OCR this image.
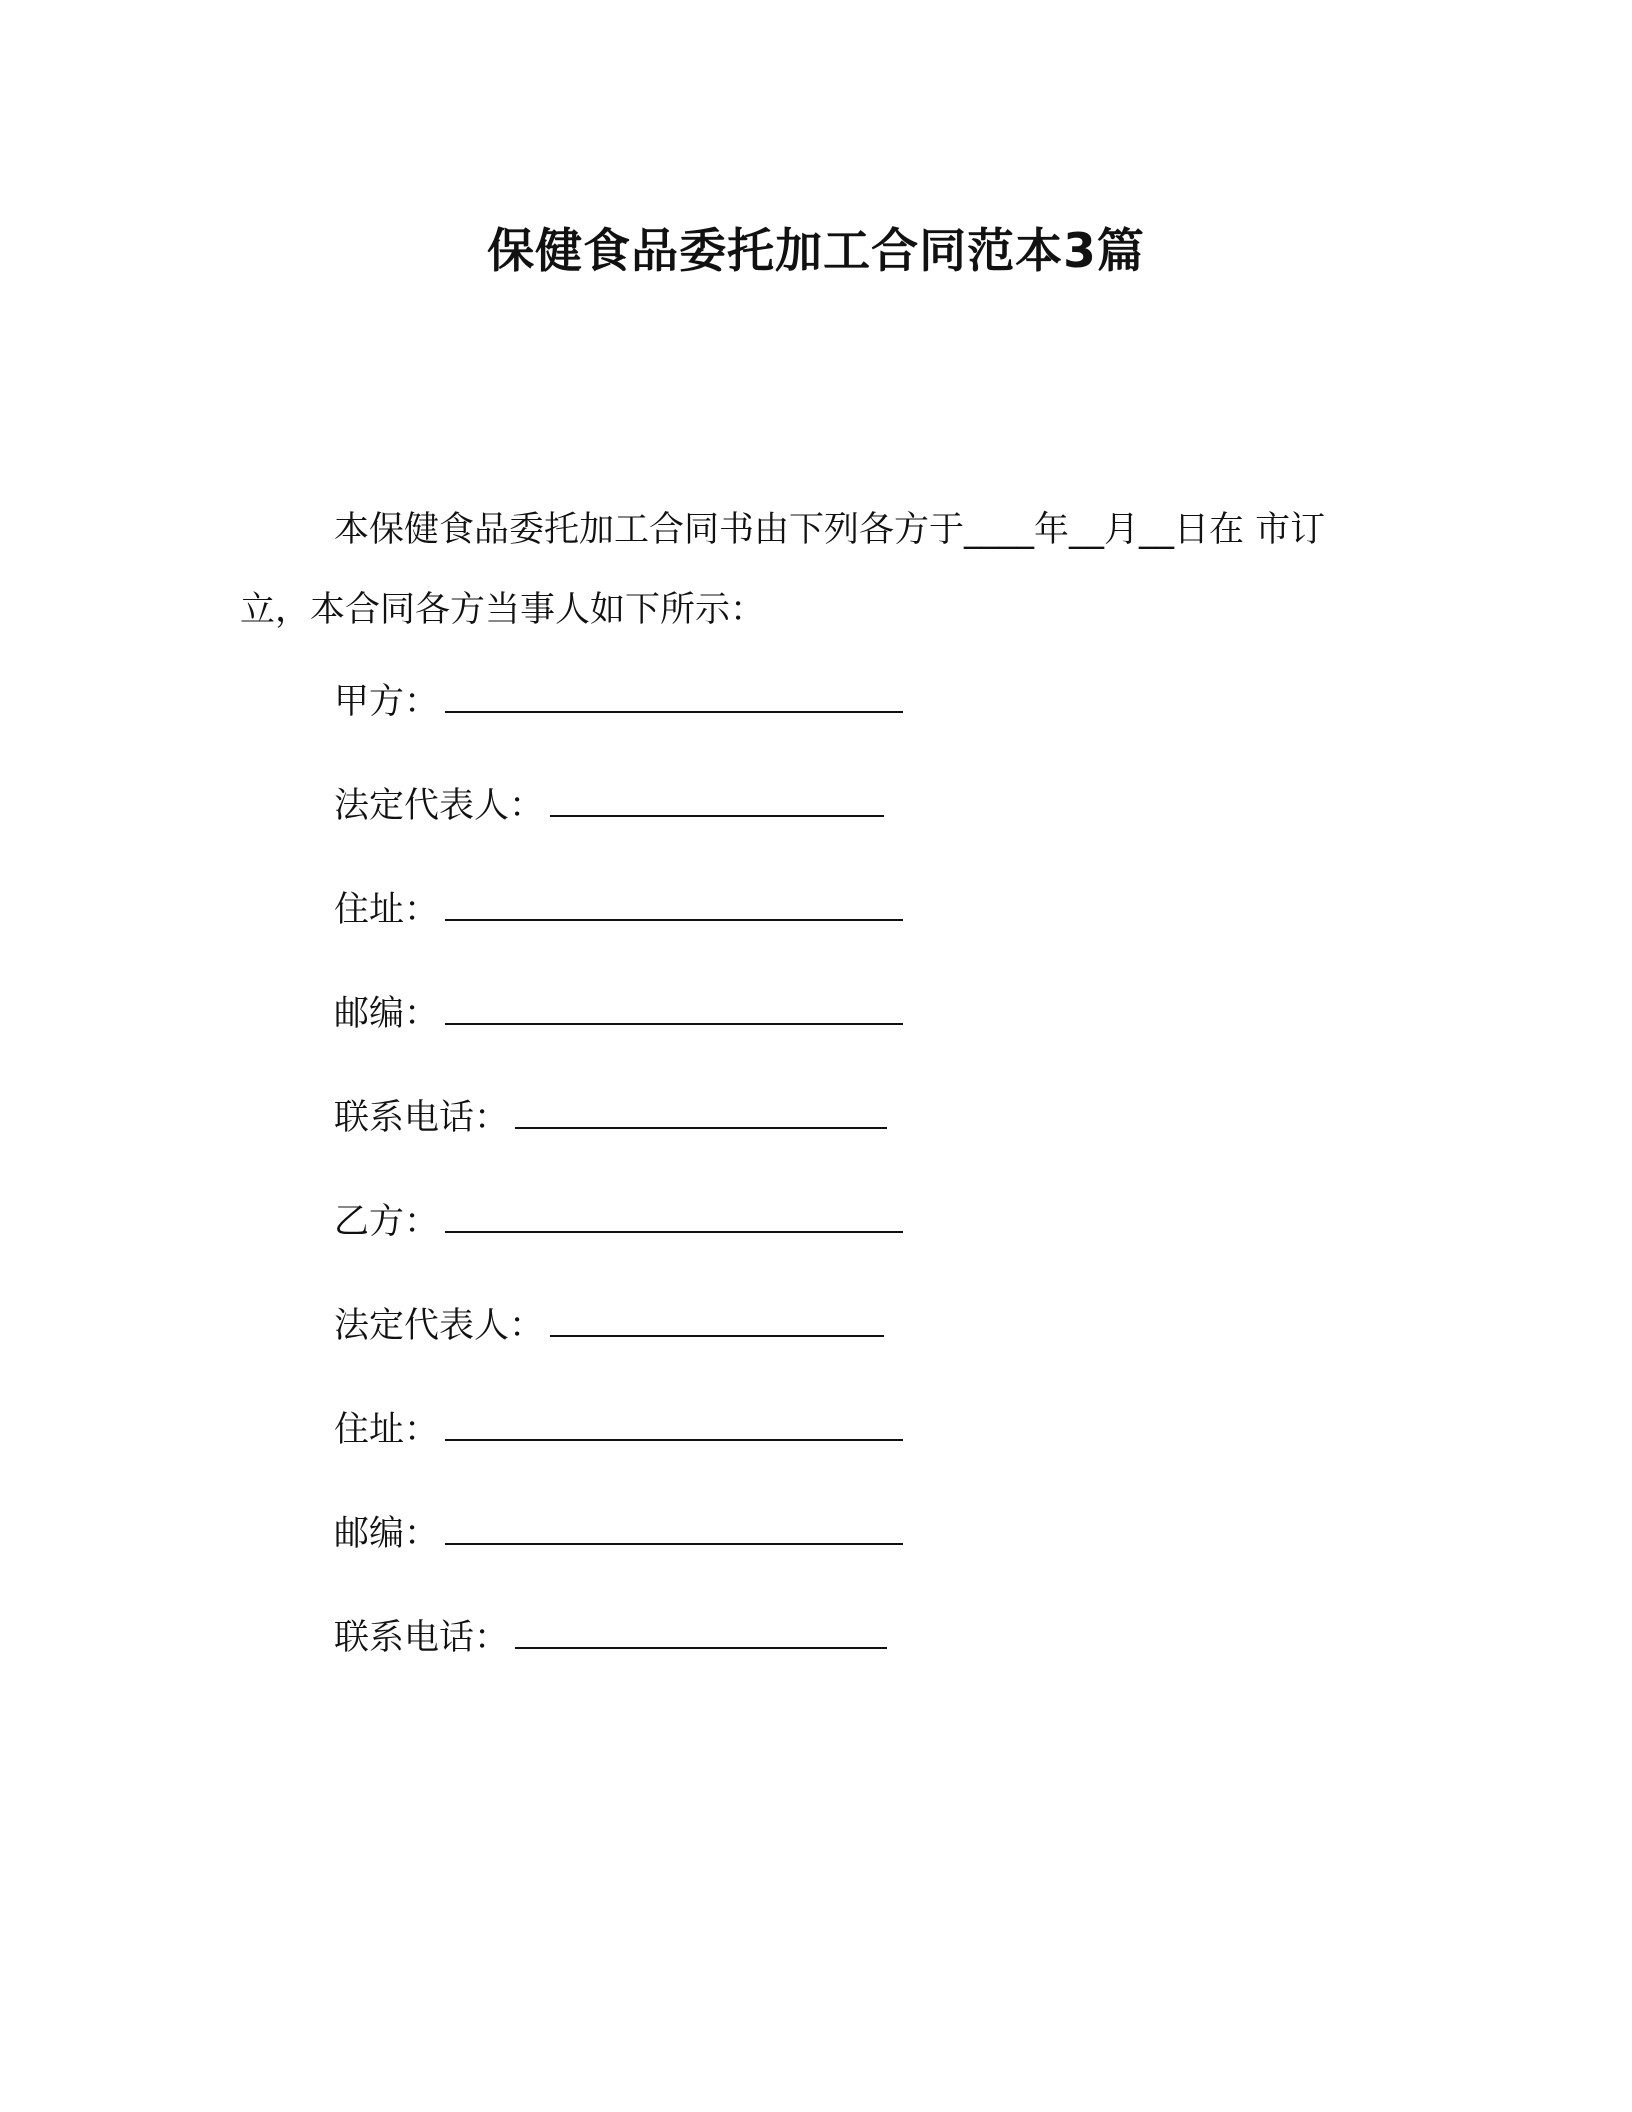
保健食品委托加工合同范本3篇

本保健食品委托加工合同书由下列各方于____年__月__日在 市订立，本合同各方当事人如下所示：

甲方：
法定代表人：
住址：
邮编：
联系电话：
乙方：
法定代表人：
住址：
邮编：
联系电话：
